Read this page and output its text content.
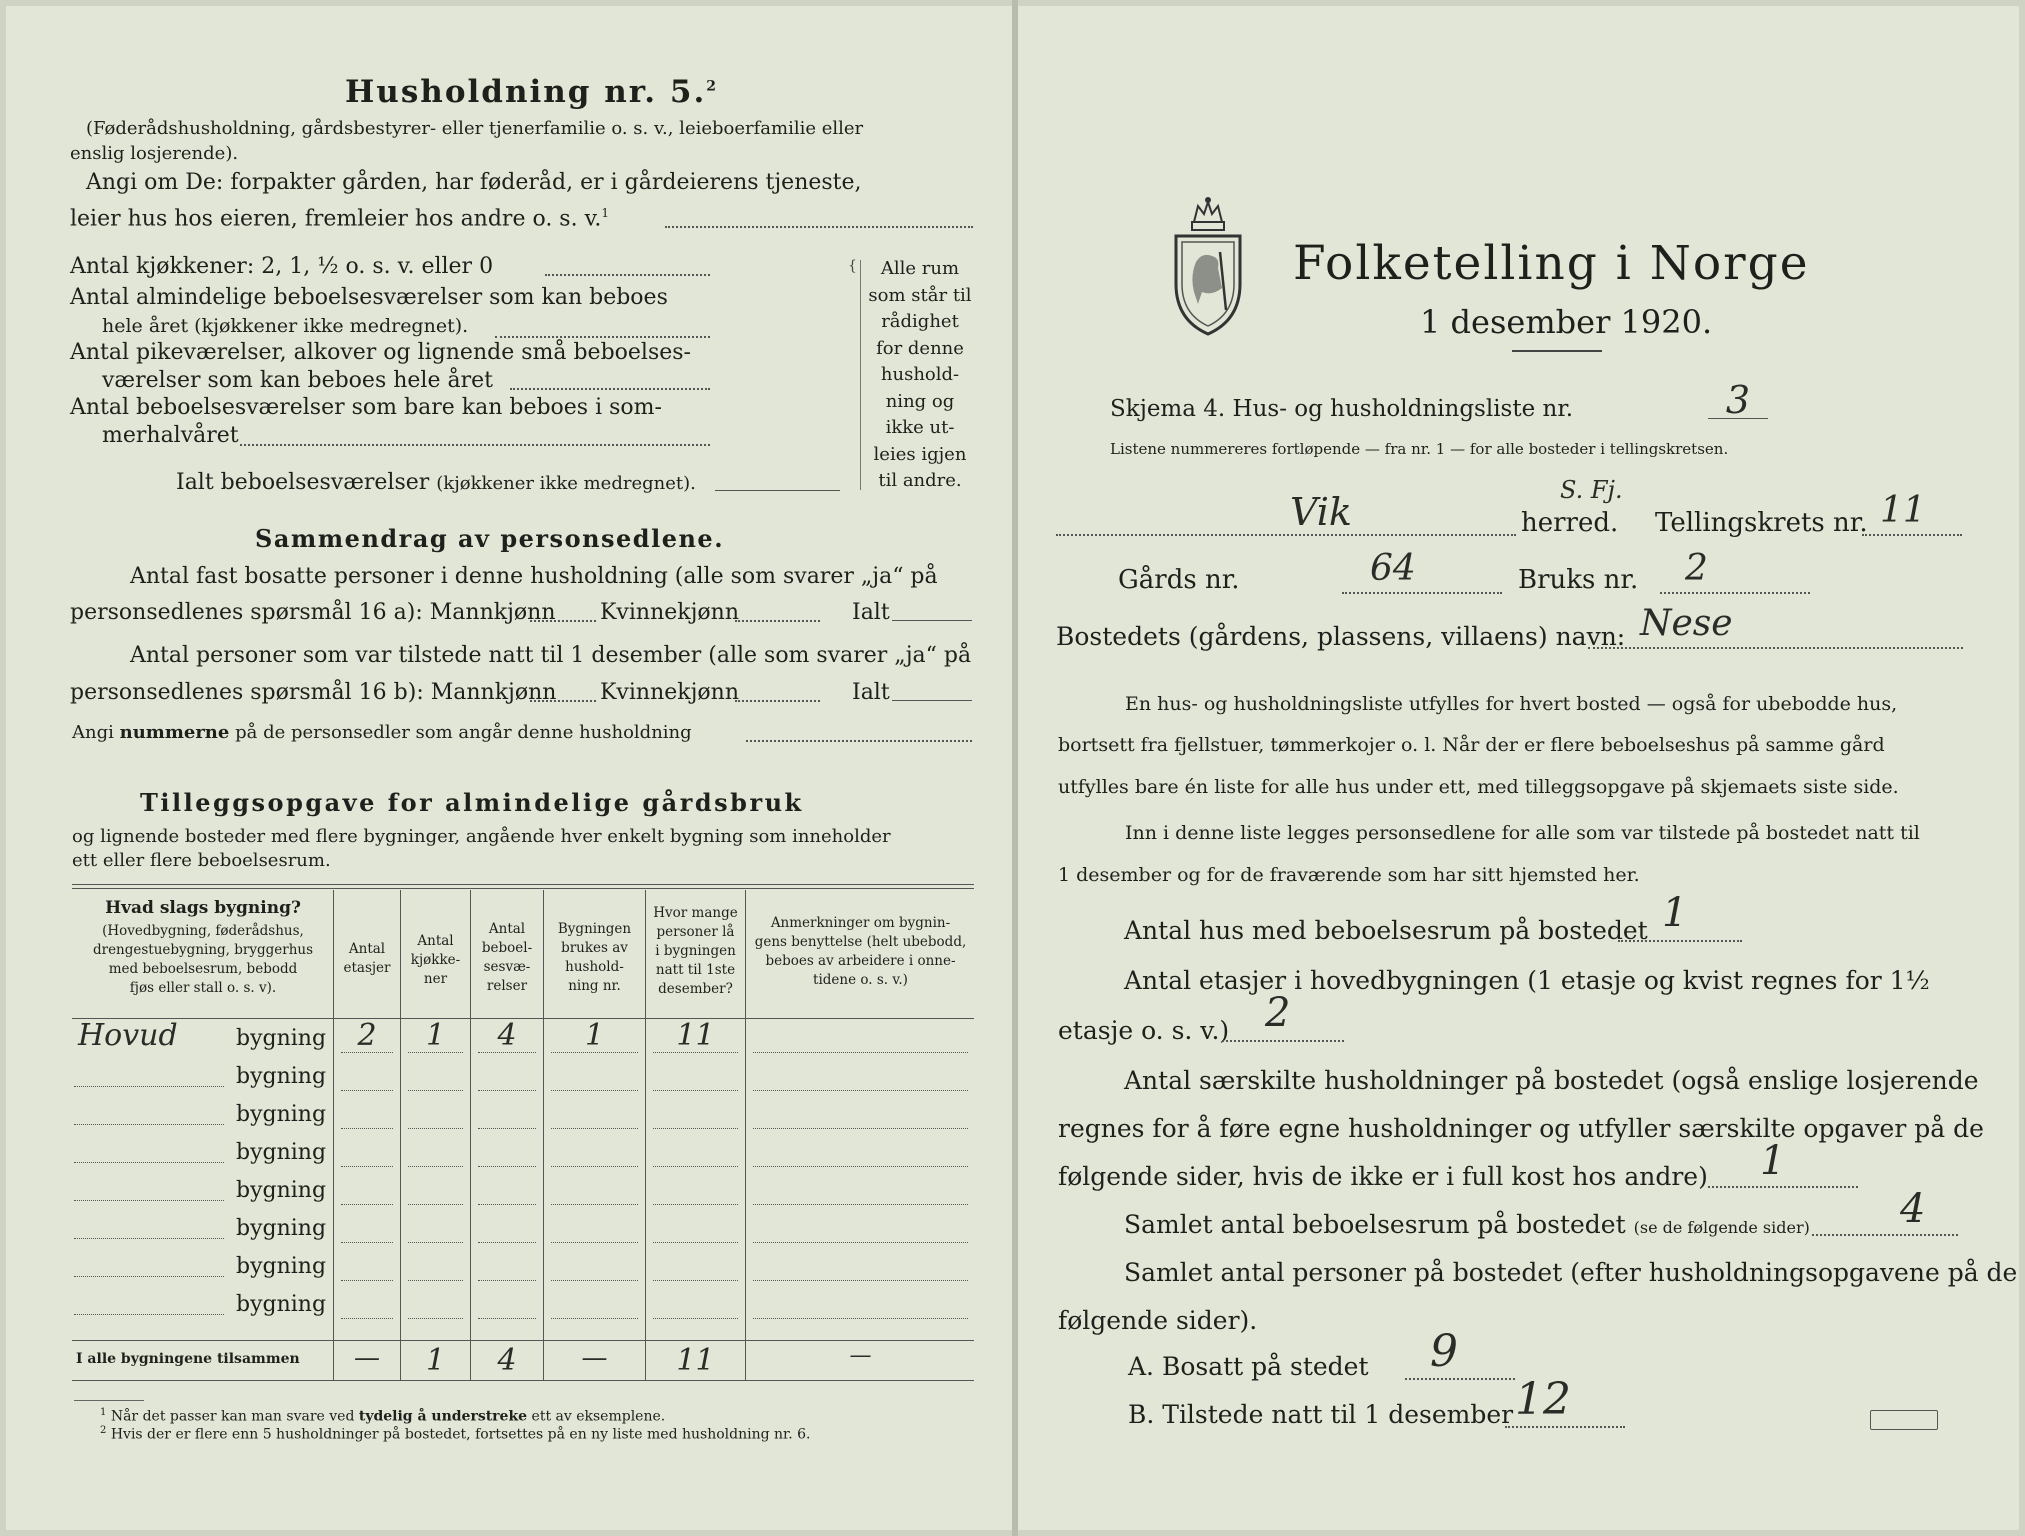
Husholdning nr. 5.$^2$
(Føderådshusholdning, gårdsbestyrer- eller tjenerfamilie o. s. v., leieboerfamilie eller
enslig losjerende).
Angi om De: forpakter gården, har føderåd, er i gårdeierens tjeneste,
leier hus hos eieren, fremleier hos andre o. s. v.$^1$
Antal kjøkkener: 2, 1, ½ o. s. v. eller 0
Antal almindelige beboelsesværelser som kan beboes
hele året (kjøkkener ikke medregnet).
Antal pikeværelser, alkover og lignende små beboelses-
værelser som kan beboes hele året
Antal beboelsesværelser som bare kan beboes i som-
merhalvåret
Ialt beboelsesværelser (kjøkkener ikke medregnet).
{	Alle rum
som står til
rådighet
for denne
hushold-
ning og
ikke ut-
leies igjen
til andre.
Sammendrag av personsedlene.
Antal fast bosatte personer i denne husholdning (alle som svarer „ja“ på
personsedlenes spørsmål 16 a): Mannkjønn Kvinnekjønn	Ialt
Antal personer som var tilstede natt til 1 desember (alle som svarer „ja“ på
personsedlenes spørsmål 16 b): Mannkjønn Kvinnekjønn	Ialt
Angi nummerne på de personsedler som angår denne husholdning
Tilleggsopgave for almindelige gårdsbruk
og lignende bosteder med flere bygninger, angående hver enkelt bygning som inneholder
ett eller flere beboelsesrum.
Hvad slags bygning?
(Hovedbygning, føderådshus,
drengestuebygning, bryggerhus
med beboelsesrum, bebodd
fjøs eller stall o. s. v).
Antal
etasjer
Antal
kjøkke-
ner
Antal
beboel-
sesvæ-
relser
Bygningen
brukes av
hushold-
ning nr.
Hvor mange
personer lå
i bygningen
natt til 1ste
desember?
Anmerkninger om bygnin-
gens benyttelse (helt ubebodd,
beboes av arbeidere i onne-
tidene o. s. v.)
Hovud	bygning	2	1	4	1	11
bygning
bygning
bygning
bygning
bygning
bygning
bygning
I alle bygningene tilsammen	—	1	4	—	11	—
$^1$ Når det passer kan man svare ved tydelig å understreke ett av eksemplene.
$^2$ Hvis der er flere enn 5 husholdninger på bostedet, fortsettes på en ny liste med husholdning nr. 6.
Folketelling i Norge
1 desember 1920.
Skjema 4. Hus- og husholdningsliste nr.	3
Listene nummereres fortløpende — fra nr. 1 — for alle bosteder i tellingskretsen.
Vik	S. Fj.
herred. Tellingskrets nr. 11
Gårds nr.	64	Bruks nr. 2
Bostedets (gårdens, plassens, villaens) navn: Nese
En hus- og husholdningsliste utfylles for hvert bosted — også for ubebodde hus,
bortsett fra fjellstuer, tømmerkojer o. l. Når der er flere beboelseshus på samme gård
utfylles bare én liste for alle hus under ett, med tilleggsopgave på skjemaets siste side.
Inn i denne liste legges personsedlene for alle som var tilstede på bostedet natt til
1 desember og for de fraværende som har sitt hjemsted her.
Antal hus med beboelsesrum på bostedet 1
Antal etasjer i hovedbygningen (1 etasje og kvist regnes for 1½
etasje o. s. v.) 2
Antal særskilte husholdninger på bostedet (også enslige losjerende
regnes for å føre egne husholdninger og utfyller særskilte opgaver på de
følgende sider, hvis de ikke er i full kost hos andre) 1
Samlet antal beboelsesrum på bostedet (se de følgende sider) 4
Samlet antal personer på bostedet (efter husholdningsopgavene på de
følgende sider).
A. Bosatt på stedet 9
B. Tilstede natt til 1 desember 12
